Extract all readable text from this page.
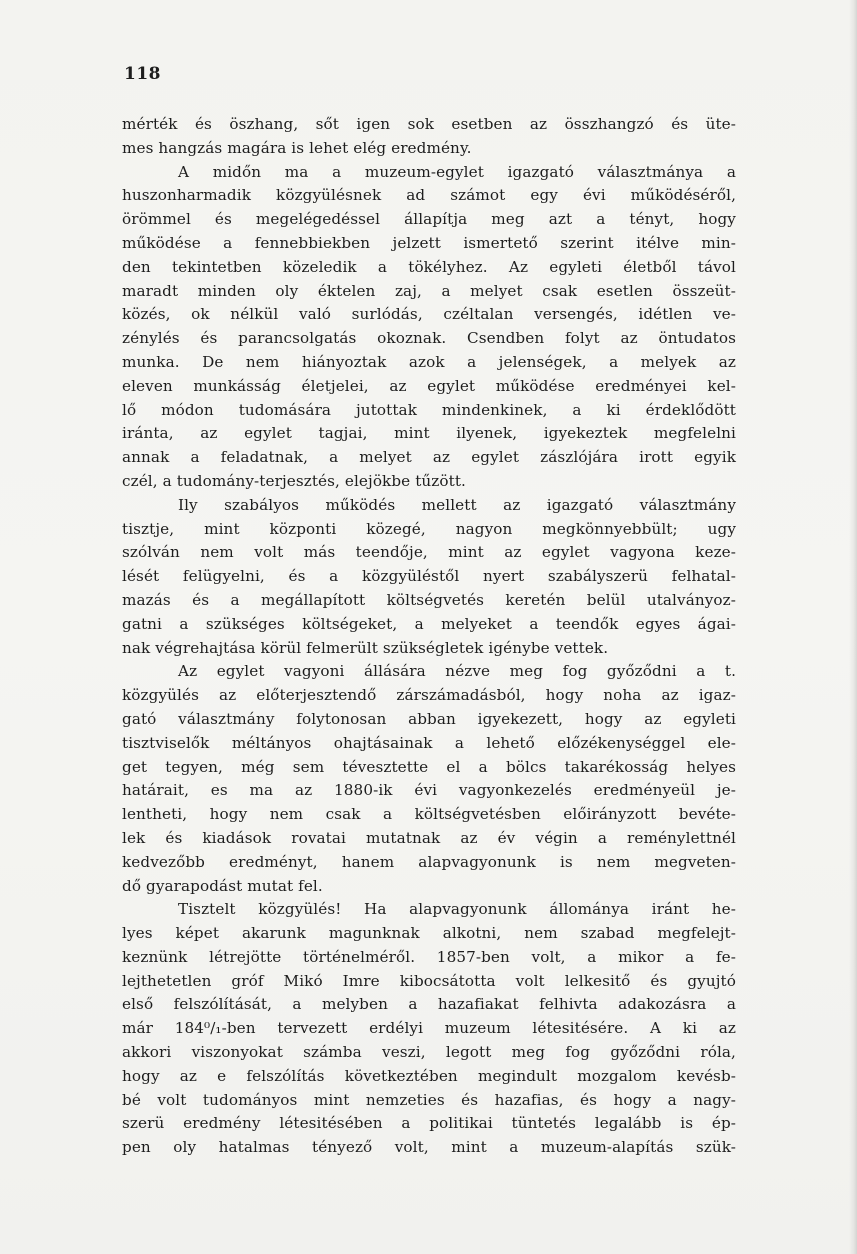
118
mérték és öszhang, sőt igen sok esetben az összhangzó és üte-
mes hangzás magára is lehet elég eredmény.
A midőn ma a muzeum-egylet igazgató választmánya a
huszonharmadik közgyülésnek ad számot egy évi működéséről,
örömmel és megelégedéssel állapítja meg azt a tényt, hogy
működése a fennebbiekben jelzett ismertető szerint itélve min-
den tekintetben közeledik a tökélyhez. Az egyleti életből távol
maradt minden oly éktelen zaj, a melyet csak esetlen összeüt-
közés, ok nélkül való surlódás, czéltalan versengés, idétlen ve-
zénylés és parancsolgatás okoznak. Csendben folyt az öntudatos
munka. De nem hiányoztak azok a jelenségek, a melyek az
eleven munkásság életjelei, az egylet működése eredményei kel-
lő módon tudomására jutottak mindenkinek, a ki érdeklődött
iránta, az egylet tagjai, mint ilyenek, igyekeztek megfelelni
annak a feladatnak, a melyet az egylet zászlójára irott egyik
czél, a tudomány-terjesztés, elejökbe tűzött.
Ily szabályos működés mellett az igazgató választmány
tisztje, mint központi közegé, nagyon megkönnyebbült; ugy
szólván nem volt más teendője, mint az egylet vagyona keze-
lését felügyelni, és a közgyüléstől nyert szabályszerü felhatal-
mazás és a megállapított költségvetés keretén belül utalványoz-
gatni a szükséges költségeket, a melyeket a teendők egyes ágai-
nak végrehajtása körül felmerült szükségletek igénybe vettek.
Az egylet vagyoni állására nézve meg fog győződni a t.
közgyülés az előterjesztendő zárszámadásból, hogy noha az igaz-
gató választmány folytonosan abban igyekezett, hogy az egyleti
tisztviselők méltányos ohajtásainak a lehető előzékenységgel ele-
get tegyen, még sem tévesztette el a bölcs takarékosság helyes
határait, es ma az 1880-ik évi vagyonkezelés eredményeül je-
lentheti, hogy nem csak a költségvetésben előirányzott bevéte-
lek és kiadások rovatai mutatnak az év végin a reménylettnél
kedvezőbb eredményt, hanem alapvagyonunk is nem megveten-
dő gyarapodást mutat fel.
Tisztelt közgyülés! Ha alapvagyonunk állománya iránt he-
lyes képet akarunk magunknak alkotni, nem szabad megfelejt-
keznünk létrejötte történelméről. 1857-ben volt, a mikor a fe-
lejthetetlen gróf Mikó Imre kibocsátotta volt lelkesitő és gyujtó
első felszólítását, a melyben a hazafiakat felhivta adakozásra a
már 184⁰/₁-ben tervezett erdélyi muzeum létesitésére. A ki az
akkori viszonyokat számba veszi, legott meg fog győződni róla,
hogy az e felszólítás következtében megindult mozgalom kevésb-
bé volt tudományos mint nemzeties és hazafias, és hogy a nagy-
szerü eredmény létesitésében a politikai tüntetés legalább is ép-
pen oly hatalmas tényező volt, mint a muzeum-alapítás szük-
